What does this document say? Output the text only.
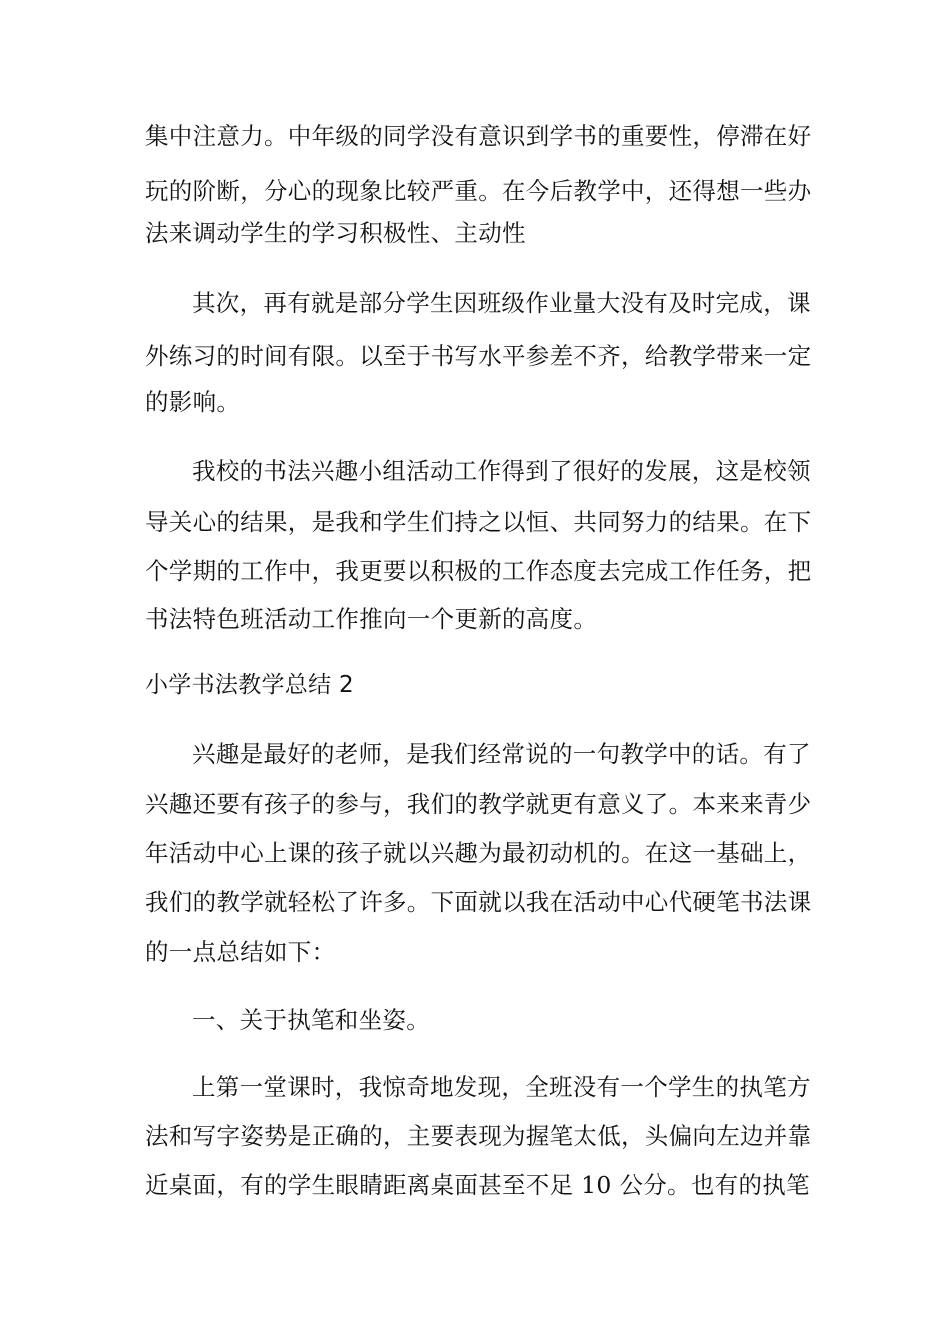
集中注意力。中年级的同学没有意识到学书的重要性，停滞在好
玩的阶断，分心的现象比较严重。在今后教学中，还得想一些办
法来调动学生的学习积极性、主动性
其次，再有就是部分学生因班级作业量大没有及时完成，课
外练习的时间有限。以至于书写水平参差不齐，给教学带来一定
的影响。
我校的书法兴趣小组活动工作得到了很好的发展，这是校领
导关心的结果，是我和学生们持之以恒、共同努力的结果。在下
个学期的工作中，我更要以积极的工作态度去完成工作任务，把
书法特色班活动工作推向一个更新的高度。
小学书法教学总结 2
兴趣是最好的老师，是我们经常说的一句教学中的话。有了
兴趣还要有孩子的参与，我们的教学就更有意义了。本来来青少
年活动中心上课的孩子就以兴趣为最初动机的。在这一基础上，
我们的教学就轻松了许多。下面就以我在活动中心代硬笔书法课
的一点总结如下：
一、关于执笔和坐姿。
上第一堂课时，我惊奇地发现，全班没有一个学生的执笔方
法和写字姿势是正确的，主要表现为握笔太低，头偏向左边并靠
近桌面，有的学生眼睛距离桌面甚至不足 10 公分。也有的执笔
